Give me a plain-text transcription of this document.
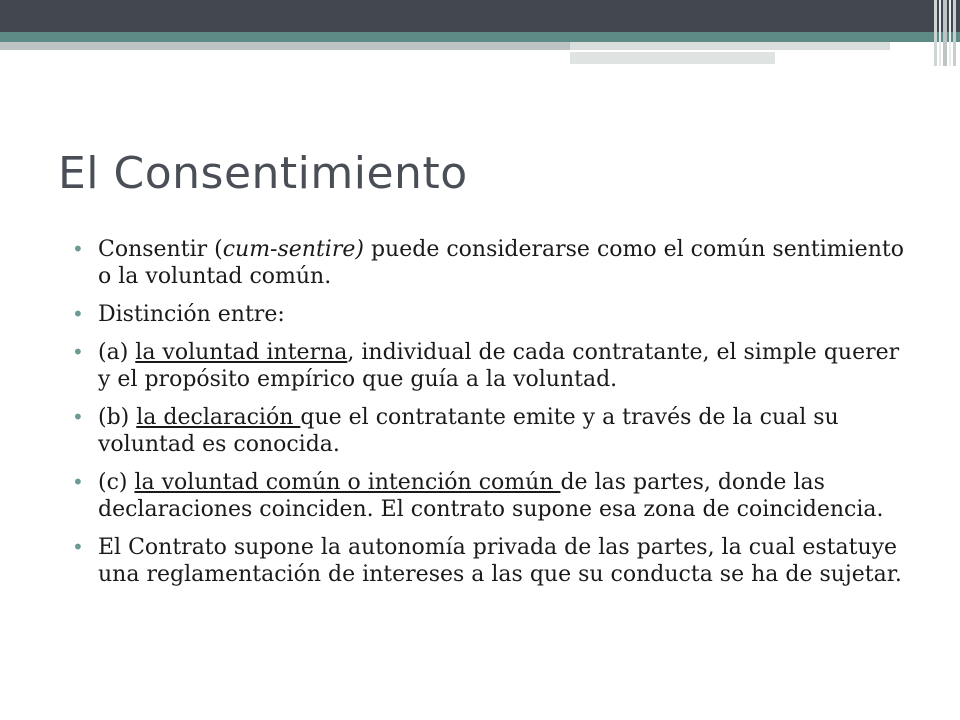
El Consentimiento
• Consentir (cum-sentire) puede considerarse como el común sentimiento o la voluntad común.
• Distinción entre:
• (a) la voluntad interna, individual de cada contratante, el simple querer y el propósito empírico que guía a la voluntad.
• (b) la declaración que el contratante emite y a través de la cual su voluntad es conocida.
• (c) la voluntad común o intención común de las partes, donde las declaraciones coinciden. El contrato supone esa zona de coincidencia.
• El Contrato supone la autonomía privada de las partes, la cual estatuye una reglamentación de intereses a las que su conducta se ha de sujetar.
